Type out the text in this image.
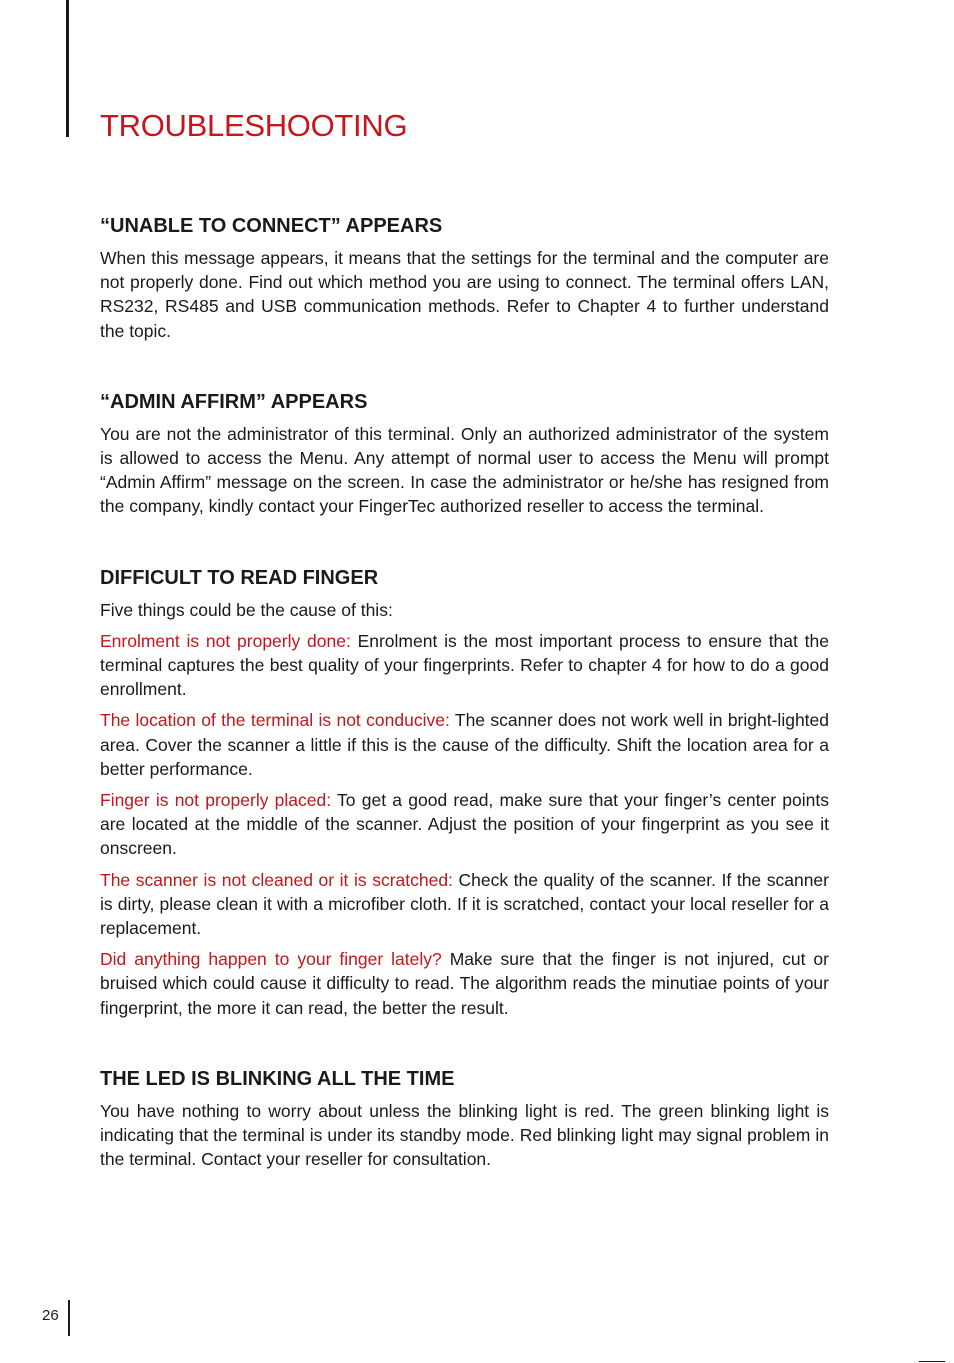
TROUBLESHOOTING
“UNABLE TO CONNECT” APPEARS

When this message appears, it means that the settings for the terminal and the computer are not properly done. Find out which method you are using to connect. The terminal offers LAN, RS232, RS485 and USB communication methods. Refer to Chapter 4 to further understand the topic.

“ADMIN AFFIRM” APPEARS

You are not the administrator of this terminal. Only an authorized administrator of the system is allowed to access the Menu. Any attempt of normal user to access the Menu will prompt “Admin Affirm” message on the screen. In case the administrator or he/she has resigned from the company, kindly contact your FingerTec authorized reseller to access the terminal.

DIFFICULT TO READ FINGER

Five things could be the cause of this:

Enrolment is not properly done: Enrolment is the most important process to ensure that the terminal captures the best quality of your fingerprints. Refer to chapter 4 for how to do a good enrollment.

The location of the terminal is not conducive: The scanner does not work well in bright-lighted area. Cover the scanner a little if this is the cause of the difficulty. Shift the location area for a better performance.

Finger is not properly placed: To get a good read, make sure that your finger’s center points are located at the middle of the scanner. Adjust the position of your fingerprint as you see it onscreen.

The scanner is not cleaned or it is scratched: Check the quality of the scanner. If the scanner is dirty, please clean it with a microfiber cloth. If it is scratched, contact your local reseller for a replacement.

Did anything happen to your finger lately? Make sure that the finger is not injured, cut or bruised which could cause it difficulty to read. The algorithm reads the minutiae points of your fingerprint, the more it can read, the better the result.

THE LED IS BLINKING ALL THE TIME

You have nothing to worry about unless the blinking light is red. The green blinking light is indicating that the terminal is under its standby mode. Red blinking light may signal problem in the terminal. Contact your reseller for consultation.

26
